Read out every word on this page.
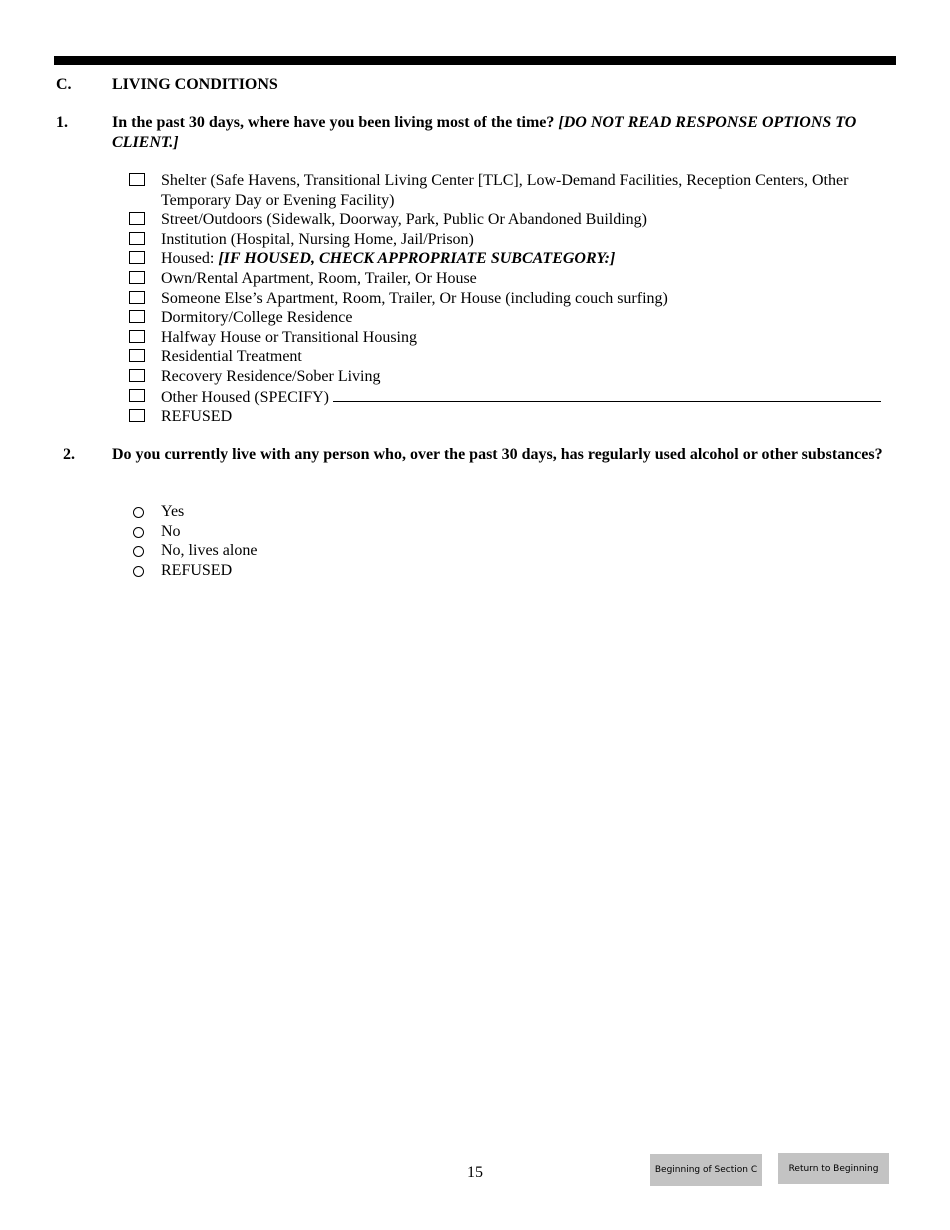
C.	LIVING CONDITIONS
1.	In the past 30 days, where have you been living most of the time? [DO NOT READ RESPONSE OPTIONS TO CLIENT.]
Shelter (Safe Havens, Transitional Living Center [TLC], Low-Demand Facilities, Reception Centers, Other Temporary Day or Evening Facility)
Street/Outdoors (Sidewalk, Doorway, Park, Public Or Abandoned Building)
Institution (Hospital, Nursing Home, Jail/Prison)
Housed: [IF HOUSED, CHECK APPROPRIATE SUBCATEGORY:]
Own/Rental Apartment, Room, Trailer, Or House
Someone Else’s Apartment, Room, Trailer, Or House (including couch surfing)
Dormitory/College Residence
Halfway House or Transitional Housing
Residential Treatment
Recovery Residence/Sober Living
Other Housed (SPECIFY)
REFUSED
2. Do you currently live with any person who, over the past 30 days, has regularly used alcohol or other substances?
Yes
No
No, lives alone
REFUSED
15	Beginning of Section C	Return to Beginning
